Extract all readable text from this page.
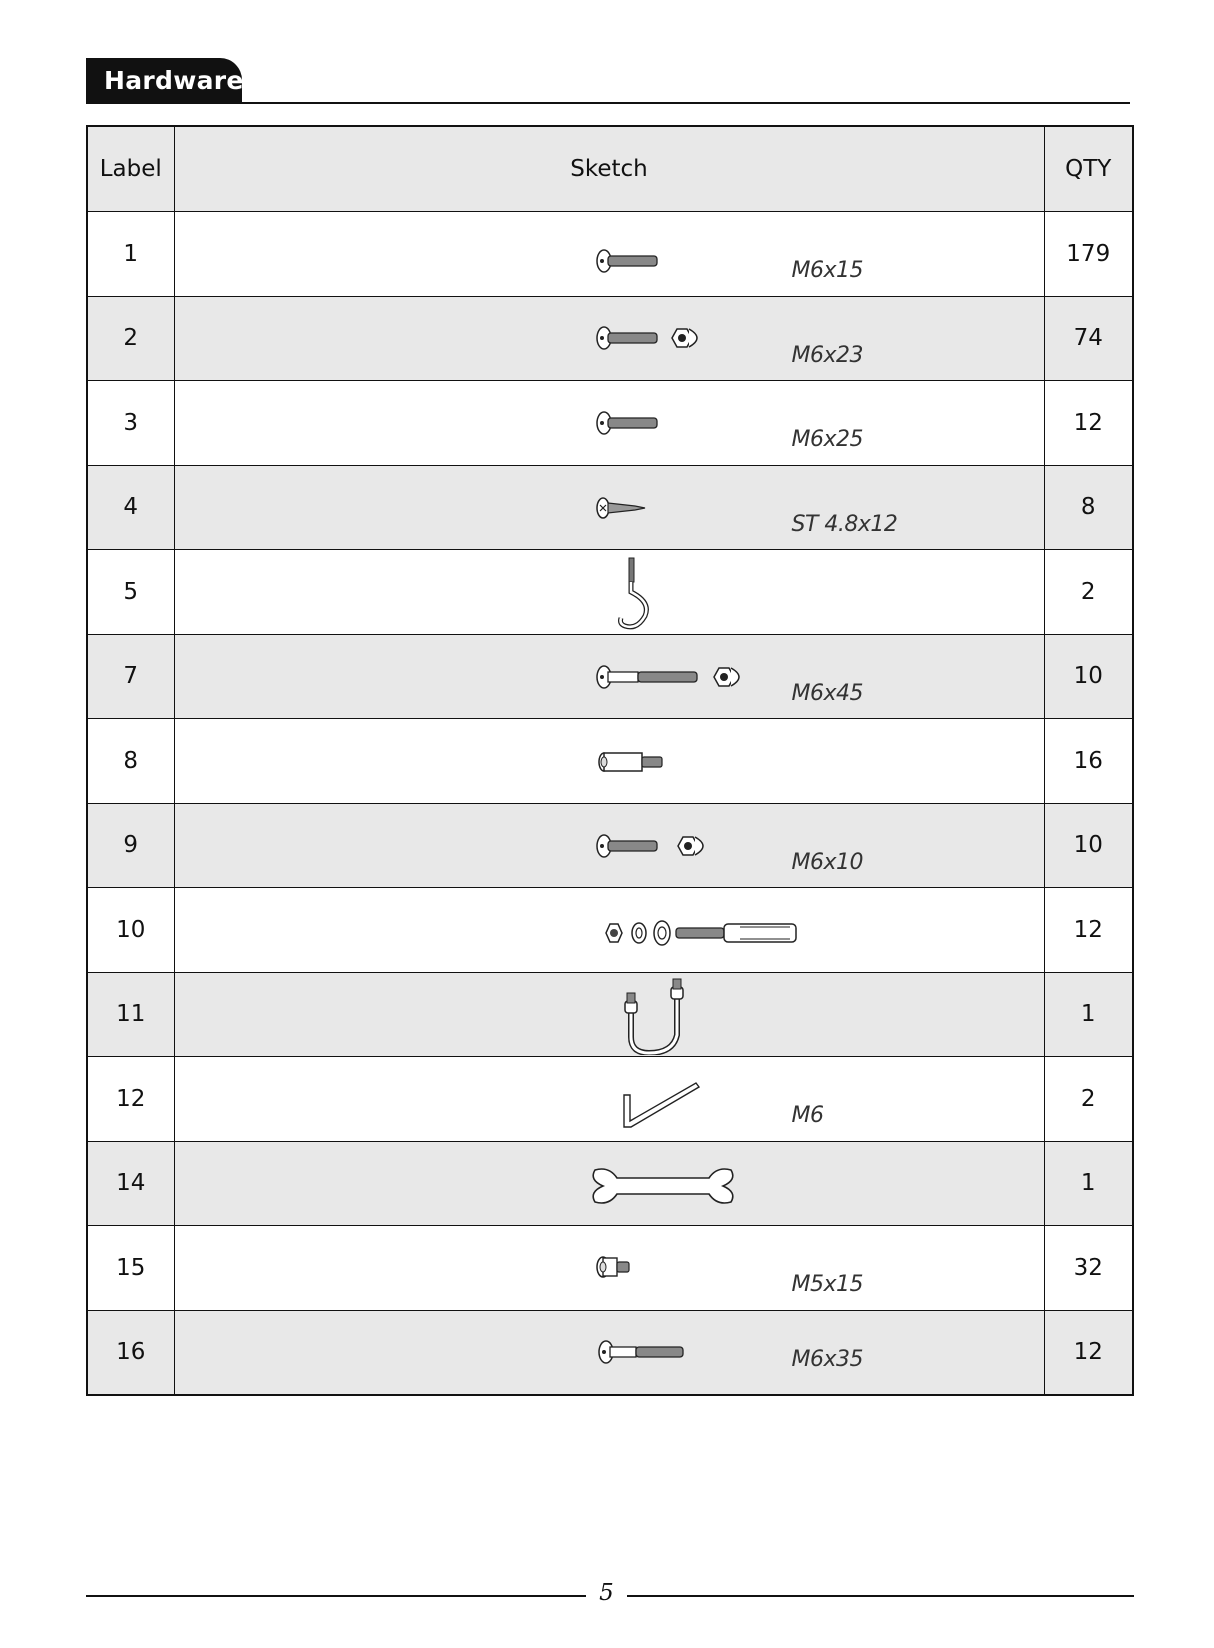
Hardware
Label	Sketch	QTY
1	M6x15	179
2	M6x23	74
3	M6x25	12
4	ST 4.8x12	8
5		2
7	M6x45	10
8		16
9	M6x10	10
10		12
11		1
12	M6	2
14		1
15	M5x15	32
16	M6x35	12
5
